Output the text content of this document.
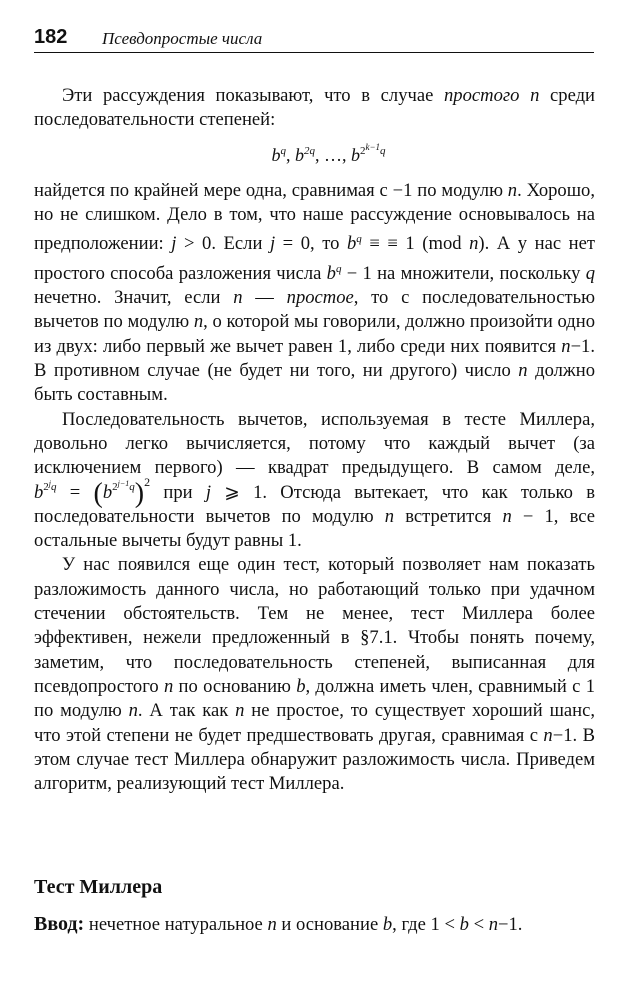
182 Псевдопростые числа

Эти рассуждения показывают, что в случае простого n среди последовательности степеней:

$b^q$, $b^{2q}$, …, $b^{2^{k-1}q}$

найдется по крайней мере одна, сравнимая с −1 по модулю n. Хорошо, но не слишком. Дело в том, что наше рассуждение основывалось на предположении: j > 0. Если j = 0, то $b^q$ ≡ ≡ 1 (mod n). А у нас нет простого способа разложения числа $b^q - 1$ на множители, поскольку q нечетно. Значит, если n — простое, то с последовательностью вычетов по модулю n, о которой мы говорили, должно произойти одно из двух: либо первый же вычет равен 1, либо среди них появится n−1. В противном случае (не будет ни того, ни другого) число n должно быть составным.

Последовательность вычетов, используемая в тесте Миллера, довольно легко вычисляется, потому что каждый вычет (за исключением первого) — квадрат предыдущего. В самом деле, $b^{2^jq} = (b^{2^{j-1}q})^2$ при j ⩾ 1. Отсюда вытекает, что как только в последовательности вычетов по модулю n встретится n − 1, все остальные вычеты будут равны 1.

У нас появился еще один тест, который позволяет нам показать разложимость данного числа, но работающий только при удачном стечении обстоятельств. Тем не менее, тест Миллера более эффективен, нежели предложенный в §7.1. Чтобы понять почему, заметим, что последовательность степеней, выписанная для псевдопростого n по основанию b, должна иметь член, сравнимый с 1 по модулю n. А так как n не простое, то существует хороший шанс, что этой степени не будет предшествовать другая, сравнимая с n−1. В этом случае тест Миллера обнаружит разложимость числа. Приведем алгоритм, реализующий тест Миллера.

Тест Миллера
Ввод: нечетное натуральное n и основание b, где 1 < b < n−1.
